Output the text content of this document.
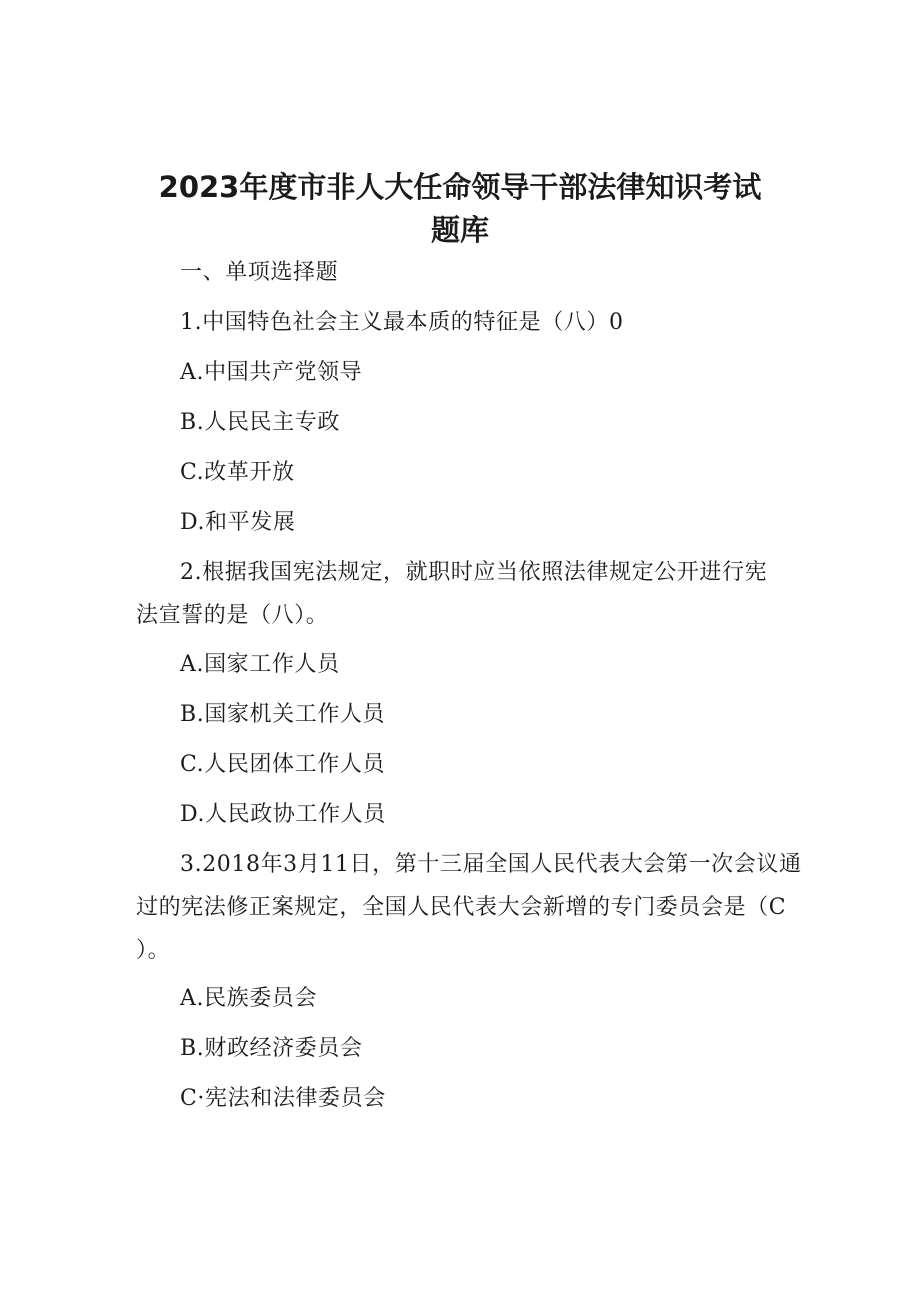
2023年度市非人大任命领导干部法律知识考试
题库

一、单项选择题

1.中国特色社会主义最本质的特征是（八）0

A.中国共产党领导

B.人民民主专政

C.改革开放

D.和平发展

2.根据我国宪法规定，就职时应当依照法律规定公开进行宪

法宣誓的是（八）。

A.国家工作人员

B.国家机关工作人员

C.人民团体工作人员

D.人民政协工作人员

3.2018年3月11日，第十三届全国人民代表大会第一次会议通

过的宪法修正案规定，全国人民代表大会新增的专门委员会是（C

）。

A.民族委员会

B.财政经济委员会

C·宪法和法律委员会
